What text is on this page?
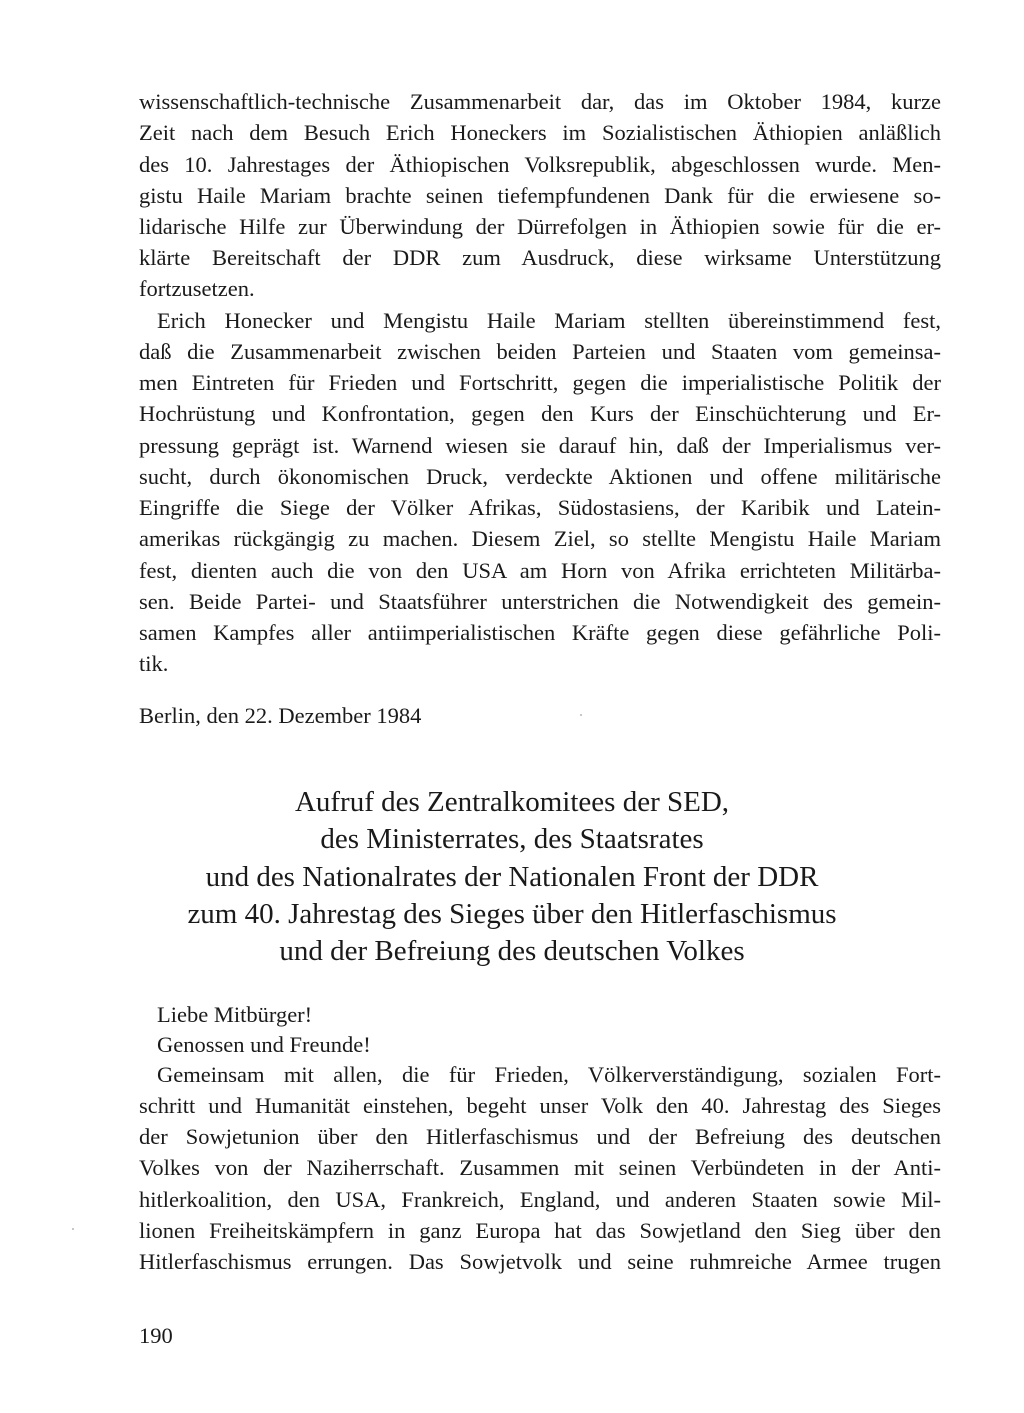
wissenschaftlich-technische Zusammenarbeit dar, das im Oktober 1984, kurze
Zeit nach dem Besuch Erich Honeckers im Sozialistischen Äthiopien anläßlich
des 10. Jahrestages der Äthiopischen Volksrepublik, abgeschlossen wurde. Men-
gistu Haile Mariam brachte seinen tiefempfundenen Dank für die erwiesene so-
lidarische Hilfe zur Überwindung der Dürrefolgen in Äthiopien sowie für die er-
klärte Bereitschaft der DDR zum Ausdruck, diese wirksame Unterstützung
fortzusetzen.
Erich Honecker und Mengistu Haile Mariam stellten übereinstimmend fest,
daß die Zusammenarbeit zwischen beiden Parteien und Staaten vom gemeinsa-
men Eintreten für Frieden und Fortschritt, gegen die imperialistische Politik der
Hochrüstung und Konfrontation, gegen den Kurs der Einschüchterung und Er-
pressung geprägt ist. Warnend wiesen sie darauf hin, daß der Imperialismus ver-
sucht, durch ökonomischen Druck, verdeckte Aktionen und offene militärische
Eingriffe die Siege der Völker Afrikas, Südostasiens, der Karibik und Latein-
amerikas rückgängig zu machen. Diesem Ziel, so stellte Mengistu Haile Mariam
fest, dienten auch die von den USA am Horn von Afrika errichteten Militärba-
sen. Beide Partei- und Staatsführer unterstrichen die Notwendigkeit des gemein-
samen Kampfes aller antiimperialistischen Kräfte gegen diese gefährliche Poli-
tik.
Berlin, den 22. Dezember 1984
Aufruf des Zentralkomitees der SED,
des Ministerrates, des Staatsrates
und des Nationalrates der Nationalen Front der DDR
zum 40. Jahrestag des Sieges über den Hitlerfaschismus
und der Befreiung des deutschen Volkes
Liebe Mitbürger!
Genossen und Freunde!
Gemeinsam mit allen, die für Frieden, Völkerverständigung, sozialen Fort-
schritt und Humanität einstehen, begeht unser Volk den 40. Jahrestag des Sieges
der Sowjetunion über den Hitlerfaschismus und der Befreiung des deutschen
Volkes von der Naziherrschaft. Zusammen mit seinen Verbündeten in der Anti-
hitlerkoalition, den USA, Frankreich, England, und anderen Staaten sowie Mil-
lionen Freiheitskämpfern in ganz Europa hat das Sowjetland den Sieg über den
Hitlerfaschismus errungen. Das Sowjetvolk und seine ruhmreiche Armee trugen
190
